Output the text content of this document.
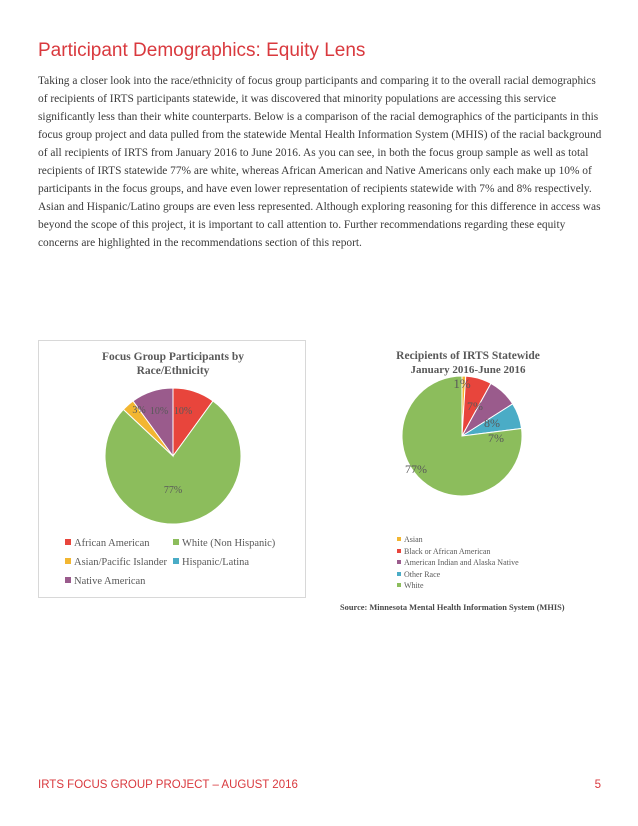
Participant Demographics: Equity Lens

Taking a closer look into the race/ethnicity of focus group participants and comparing it to the overall racial demographics of recipients of IRTS participants statewide, it was discovered that minority populations are accessing this service significantly less than their white counterparts. Below is a comparison of the racial demographics of the participants in this focus group project and data pulled from the statewide Mental Health Information System (MHIS) of the racial background of all recipients of IRTS from January 2016 to June 2016. As you can see, in both the focus group sample as well as total recipients of IRTS statewide 77% are white, whereas African American and Native Americans only each make up 10% of participants in the focus groups, and have even lower representation of recipients statewide with 7% and 8% respectively. Asian and Hispanic/Latino groups are even less represented. Although exploring reasoning for this difference in access was beyond the scope of this project, it is important to call attention to. Further recommendations regarding these equity concerns are highlighted in the recommendations section of this report.

Focus Group Participants by
Race/Ethnicity
10%
77%
3% 10%
African American	White (Non Hispanic)
Asian/Pacific Islander Hispanic/Latina
Native American
Recipients of IRTS Statewide
January 2016-June 2016
1%
7%
8%
7%
77%
Asian
Black or African American
American Indian and Alaska Native
Other Race
White
Source: Minnesota Mental Health Information System (MHIS)
IRTS FOCUS GROUP PROJECT – AUGUST 2016	5
